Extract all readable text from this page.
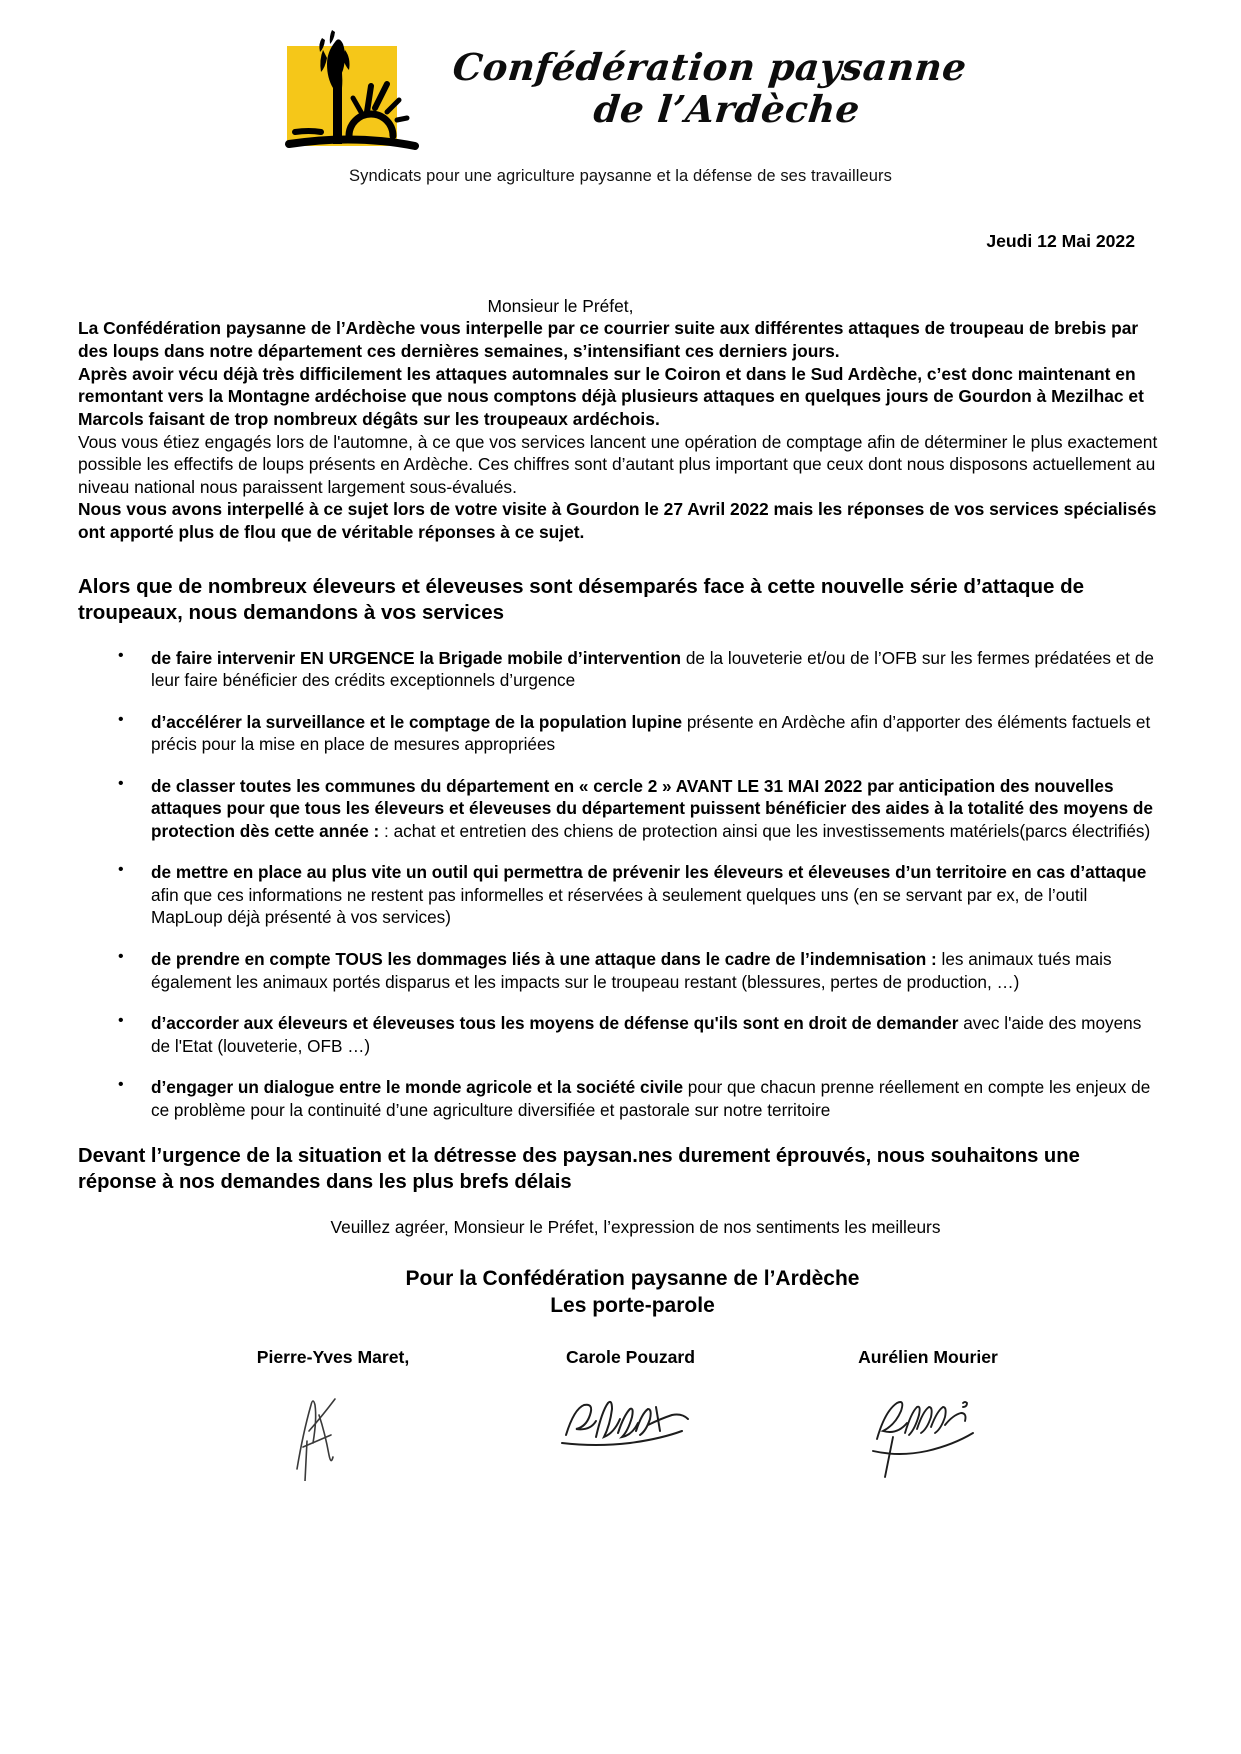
Confédération paysanne
de l’Ardèche
Syndicats pour une agriculture paysanne et la défense de ses travailleurs
Jeudi 12 Mai 2022
Monsieur le Préfet,

La Confédération paysanne de l’Ardèche vous interpelle par ce courrier suite aux différentes attaques de troupeau de brebis par des loups dans notre département ces dernières semaines, s’intensifiant ces derniers jours.

Après avoir vécu déjà très difficilement les attaques automnales sur le Coiron et dans le Sud Ardèche, c’est donc maintenant en remontant vers la Montagne ardéchoise que nous comptons déjà plusieurs attaques en quelques jours de Gourdon à Mezilhac et Marcols faisant de trop nombreux dégâts sur les troupeaux ardéchois.

Vous vous étiez engagés lors de l'automne, à ce que vos services lancent une opération de comptage afin de déterminer le plus exactement possible les effectifs de loups présents en Ardèche. Ces chiffres sont d’autant plus important que ceux dont nous disposons actuellement au niveau national nous paraissent largement sous-évalués.

Nous vous avons interpellé à ce sujet lors de votre visite à Gourdon le 27 Avril 2022 mais les réponses de vos services spécialisés ont apporté plus de flou que de véritable réponses à ce sujet.

Alors que de nombreux éleveurs et éleveuses sont désemparés face à cette nouvelle série d’attaque de troupeaux, nous demandons à vos services

• de faire intervenir EN URGENCE la Brigade mobile d’intervention de la louveterie et/ou de l’OFB sur les fermes prédatées et de leur faire bénéficier des crédits exceptionnels d’urgence
• d’accélérer la surveillance et le comptage de la population lupine présente en Ardèche afin d’apporter des éléments factuels et précis pour la mise en place de mesures appropriées
• de classer toutes les communes du département en « cercle 2 » AVANT LE 31 MAI 2022 par anticipation des nouvelles attaques pour que tous les éleveurs et éleveuses du département puissent bénéficier des aides à la totalité des moyens de protection dès cette année : : achat et entretien des chiens de protection ainsi que les investissements matériels(parcs électrifiés)
• de mettre en place au plus vite un outil qui permettra de prévenir les éleveurs et éleveuses d’un territoire en cas d’attaque afin que ces informations ne restent pas informelles et réservées à seulement quelques uns (en se servant par ex, de l’outil MapLoup déjà présenté à vos services)
• de prendre en compte TOUS les dommages liés à une attaque dans le cadre de l’indemnisation : les animaux tués mais également les animaux portés disparus et les impacts sur le troupeau restant (blessures, pertes de production, …)
• d’accorder aux éleveurs et éleveuses tous les moyens de défense qu'ils sont en droit de demander avec l'aide des moyens de l'Etat (louveterie, OFB …)
• d’engager un dialogue entre le monde agricole et la société civile pour que chacun prenne réellement en compte les enjeux de ce problème pour la continuité d’une agriculture diversifiée et pastorale sur notre territoire

Devant l’urgence de la situation et la détresse des paysan.nes durement éprouvés, nous souhaitons une réponse à nos demandes dans les plus brefs délais

Veuillez agréer, Monsieur le Préfet, l’expression de nos sentiments les meilleurs

Pour la Confédération paysanne de l’Ardèche
Les porte-parole
Pierre-Yves Maret,	Carole Pouzard	Aurélien Mourier
